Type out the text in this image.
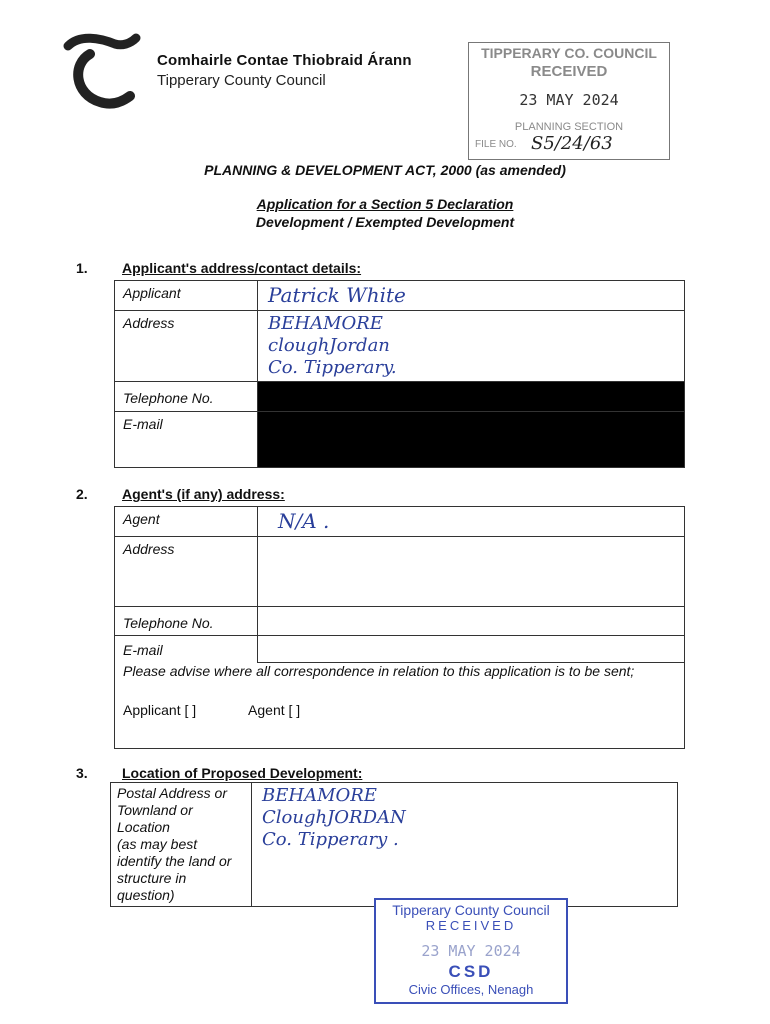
Comhairle Contae Thiobraid Árann
Tipperary County Council
TIPPERARY CO. COUNCIL
RECEIVED
23 MAY 2024
PLANNING SECTION
FILE NO. S5/24/63
PLANNING & DEVELOPMENT ACT, 2000 (as amended)
Application for a Section 5 Declaration
Development / Exempted Development
1. Applicant's address/contact details:
Applicant	Patrick White
Address	BEHAMORE
cloughJordan
Co. Tipperary.

Telephone No.	
E-mail	
2. Agent's (if any) address:
Agent	N/A .
Address	
Telephone No.	
E-mail	

Please advise where all correspondence in relation to this application is to be sent;
Applicant [ ] Agent [ ]	
3. Location of Proposed Development:
Postal Address or
Townland or
Location
(as may best
identify the land or
structure in
question)

BEHAMORE
CloughJORDAN
Co. Tipperary .
Tipperary County Council
RECEIVED
23 MAY 2024
CSD
Civic Offices, Nenagh
